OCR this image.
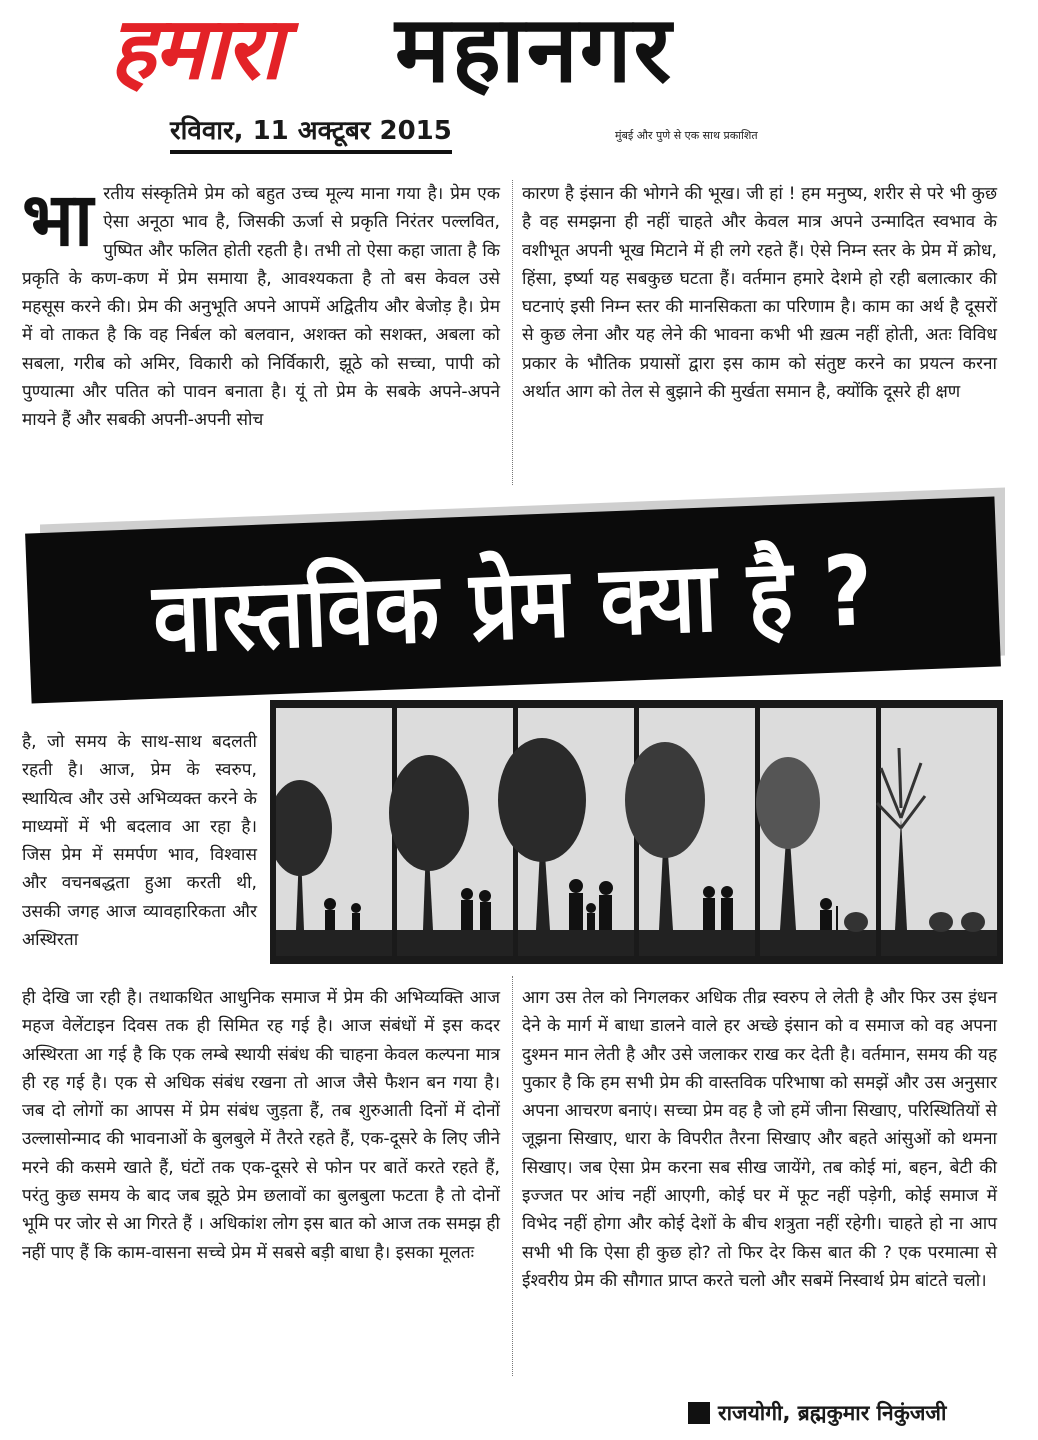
हमारा महानगर
रविवार, 11 अक्टूबर 2015	मुंबई और पुणे से एक साथ प्रकाशित
भारतीय संस्कृतिमे प्रेम को बहुत उच्च मूल्य माना गया है। प्रेम एक ऐसा अनूठा भाव है, जिसकी ऊर्जा से प्रकृति निरंतर पल्लवित, पुष्पित और फलित होती रहती है। तभी तो ऐसा कहा जाता है कि प्रकृति के कण-कण में प्रेम समाया है, आवश्यकता है तो बस केवल उसे महसूस करने की। प्रेम की अनुभूति अपने आपमें अद्वितीय और बेजोड़ है। प्रेम में वो ताकत है कि वह निर्बल को बलवान, अशक्त को सशक्त, अबला को सबला, गरीब को अमिर, विकारी को निर्विकारी, झूठे को सच्चा, पापी को पुण्यात्मा और पतित को पावन बनाता है। यूं तो प्रेम के सबके अपने-अपने मायने हैं और सबकी अपनी-अपनी सोच
कारण है इंसान की भोगने की भूख। जी हां ! हम मनुष्य, शरीर से परे भी कुछ है वह समझना ही नहीं चाहते और केवल मात्र अपने उन्मादित स्वभाव के वशीभूत अपनी भूख मिटाने में ही लगे रहते हैं। ऐसे निम्न स्तर के प्रेम में क्रोध, हिंसा, इर्ष्या यह सबकुछ घटता हैं। वर्तमान हमारे देशमे हो रही बलात्कार की घटनाएं इसी निम्न स्तर की मानसिकता का परिणाम है। काम का अर्थ है दूसरों से कुछ लेना और यह लेने की भावना कभी भी ख़त्म नहीं होती, अतः विविध प्रकार के भौतिक प्रयासों द्वारा इस काम को संतुष्ट करने का प्रयत्न करना अर्थात आग को तेल से बुझाने की मुर्खता समान है, क्योंकि दूसरे ही क्षण
वास्तविक प्रेम क्या है ?
है, जो समय के साथ-साथ बदलती रहती है। आज, प्रेम के स्वरुप, स्थायित्व और उसे अभिव्यक्त करने के माध्यमों में भी बदलाव आ रहा है। जिस प्रेम में समर्पण भाव, विश्वास और वचनबद्धता हुआ करती थी, उसकी जगह आज व्यावहारिकता और अस्थिरता
ही देखि जा रही है। तथाकथित आधुनिक समाज में प्रेम की अभिव्यक्ति आज महज वेलेंटाइन दिवस तक ही सिमित रह गई है। आज संबंधों में इस कदर अस्थिरता आ गई है कि एक लम्बे स्थायी संबंध की चाहना केवल कल्पना मात्र ही रह गई है। एक से अधिक संबंध रखना तो आज जैसे फैशन बन गया है। जब दो लोगों का आपस में प्रेम संबंध जुड़ता हैं, तब शुरुआती दिनों में दोनों उल्लासोन्माद की भावनाओं के बुलबुले में तैरते रहते हैं, एक-दूसरे के लिए जीने मरने की कसमे खाते हैं, घंटों तक एक-दूसरे से फोन पर बातें करते रहते हैं, परंतु कुछ समय के बाद जब झूठे प्रेम छलावों का बुलबुला फटता है तो दोनों भूमि पर जोर से आ गिरते हैं । अधिकांश लोग इस बात को आज तक समझ ही नहीं पाए हैं कि काम-वासना सच्चे प्रेम में सबसे बड़ी बाधा है। इसका मूलतः
आग उस तेल को निगलकर अधिक तीव्र स्वरुप ले लेती है और फिर उस इंधन देने के मार्ग में बाधा डालने वाले हर अच्छे इंसान को व समाज को वह अपना दुश्मन मान लेती है और उसे जलाकर राख कर देती है। वर्तमान, समय की यह पुकार है कि हम सभी प्रेम की वास्तविक परिभाषा को समझें और उस अनुसार अपना आचरण बनाएं। सच्चा प्रेम वह है जो हमें जीना सिखाए, परिस्थितियों से जूझना सिखाए, धारा के विपरीत तैरना सिखाए और बहते आंसुओं को थमना सिखाए। जब ऐसा प्रेम करना सब सीख जायेंगे, तब कोई मां, बहन, बेटी की इज्जत पर आंच नहीं आएगी, कोई घर में फूट नहीं पड़ेगी, कोई समाज में विभेद नहीं होगा और कोई देशों के बीच शत्रुता नहीं रहेगी। चाहते हो ना आप सभी भी कि ऐसा ही कुछ हो? तो फिर देर किस बात की ? एक परमात्मा से ईश्वरीय प्रेम की सौगात प्राप्त करते चलो और सबमें निस्वार्थ प्रेम बांटते चलो।
राजयोगी, ब्रह्मकुमार निकुंजजी
